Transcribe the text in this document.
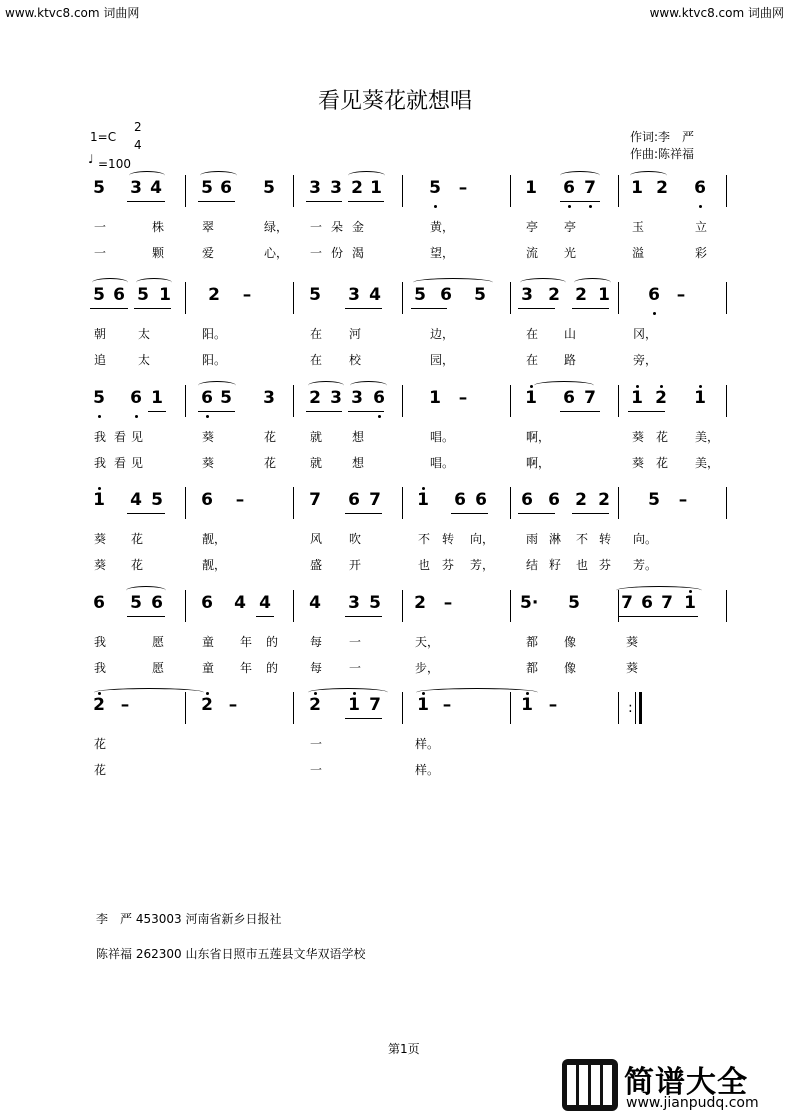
www.ktvc8.com 词曲网	www.ktvc8.com 词曲网
看见葵花就想唱
1=C
2
4
♩ =100
作词:李　严
作曲:陈祥福
5 3 4 5 6 5 3 3 2 1	5 –	1 6 7 1 2 6
一	株	翠	绿， 一 朵 金	黄，	亭 亭	玉	立
一	颗	爱	心， 一 份 渴	望，	流 光	溢	彩
5 6 5 1 2 –	5 3 4 5 6 5 3 2 2 1 6 –
朝	太	阳。	在 河	边，	在 山	冈，
追	太	阳。	在 校	园，	在 路	旁，
5 6 1 6 5 3 2 3 3 6	1 –	1 6 7 1 2 1
我 看 见	葵	花	就 想	唱。	啊，	葵 花 美，
我 看 见	葵	花	就 想	唱。	啊，	葵 花 美，
1 4 5 6 –	7 6 7 1 6 6 6 6 2 2 5 –
葵 花	靓，	风 吹	不 转 向，	雨 淋 不 转 向。
葵 花	靓，	盛 开	也 芬 芳，	结 籽 也 芬 芳。
6 5 6 6 4 4 4 3 5 2 –	5· 5 7 6 7 1
我	愿	童 年 的	每 一	天，	都 像	葵
我	愿	童 年 的	每 一	步，	都 像	葵
:
2 –	2 –	2 1 7 1 –	1 –
花	一	样。
花	一	样。
李　严 453003 河南省新乡日报社
陈祥福 262300 山东省日照市五莲县文华双语学校
第1页
简谱大全
www.jianpudq.com
